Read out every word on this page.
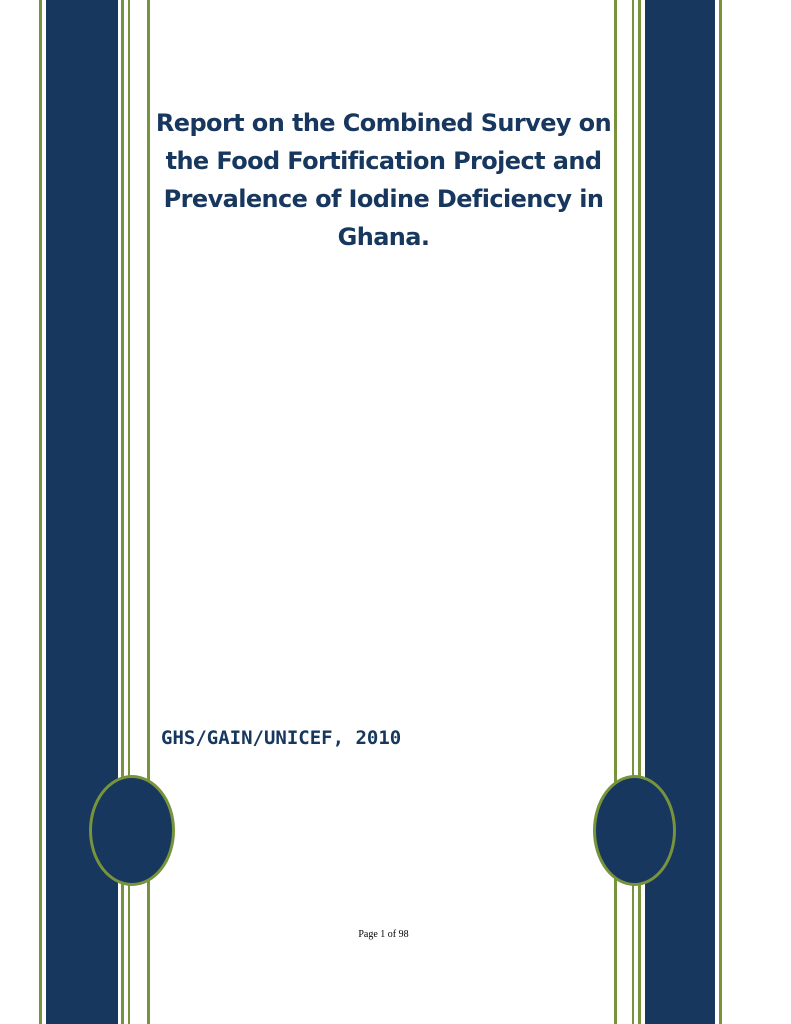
Report on the Combined Survey on the Food Fortification Project and Prevalence of Iodine Deficiency in Ghana.

GHS/GAIN/UNICEF, 2010

Page 1 of 98
